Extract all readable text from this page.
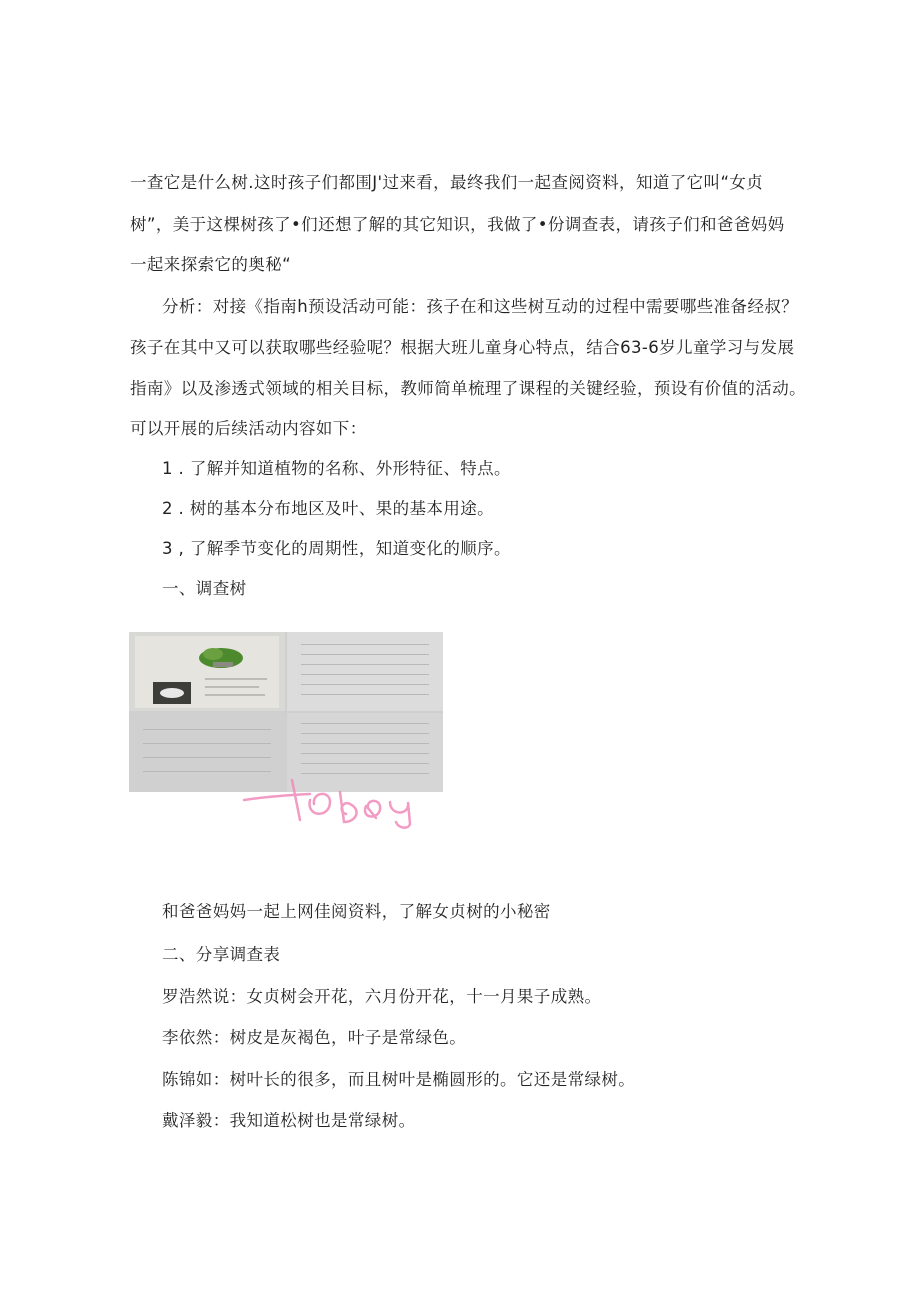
一查它是什么树.这时孩子们都围J'过来看，最终我们一起查阅资料，知道了它叫“女贞

树”，美于这棵树孩了•们还想了解的其它知识，我做了•份调查表，请孩子们和爸爸妈妈

一起来探索它的奥秘“

分析：对接《指南h预设活动可能：孩子在和这些树互动的过程中需要哪些准备经叔？

孩子在其中又可以获取哪些经验呢？根据大班儿童身心特点，结合63-6岁儿童学习与发展

指南》以及渗透式领域的相关目标，教师简单梳理了课程的关键经验，预设有价值的活动。

可以开展的后续活动内容如下：

1 . 了解并知道植物的名称、外形特征、特点。

2 . 树的基本分布地区及叶、果的基本用途。

3 , 了解季节变化的周期性，知道变化的顺序。

一、调查树

和爸爸妈妈一起上网佳阅资料，了解女贞树的小秘密

二、分享调查表

罗浩然说：女贞树会开花，六月份开花，十一月果子成熟。

李依然：树皮是灰褐色，叶子是常绿色。

陈锦如：树叶长的很多，而且树叶是椭圆形的。它还是常绿树。

戴泽毅：我知道松树也是常绿树。
